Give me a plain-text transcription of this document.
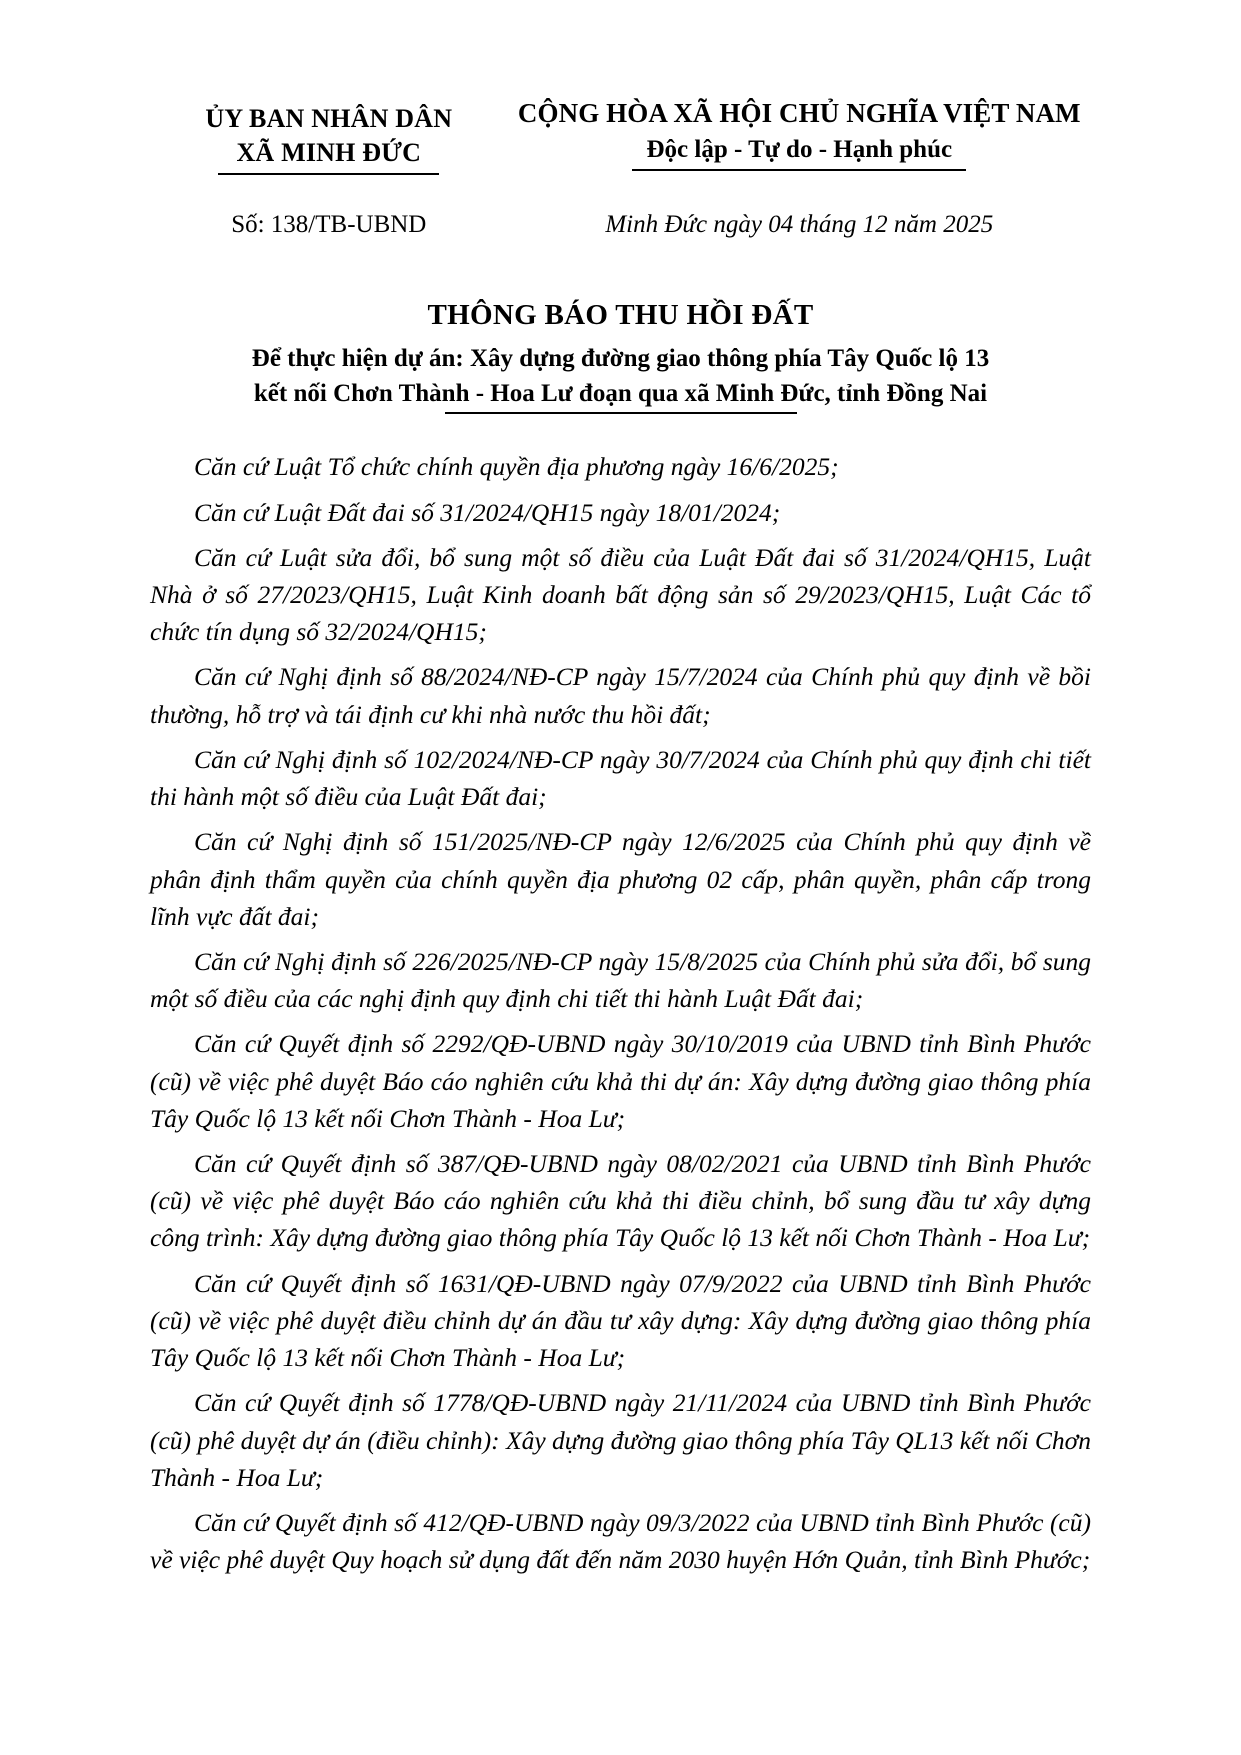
ỦY BAN NHÂN DÂN
XÃ MINH ĐỨC
CỘNG HÒA XÃ HỘI CHỦ NGHĨA VIỆT NAM
Độc lập - Tự do - Hạnh phúc
Số: 138/TB-UBND	Minh Đức ngày 04 tháng 12 năm 2025
THÔNG BÁO THU HỒI ĐẤT
Để thực hiện dự án: Xây dựng đường giao thông phía Tây Quốc lộ 13
kết nối Chơn Thành - Hoa Lư đoạn qua xã Minh Đức, tỉnh Đồng Nai

Căn cứ Luật Tổ chức chính quyền địa phương ngày 16/6/2025;

Căn cứ Luật Đất đai số 31/2024/QH15 ngày 18/01/2024;

Căn cứ Luật sửa đổi, bổ sung một số điều của Luật Đất đai số 31/2024/QH15, Luật Nhà ở số 27/2023/QH15, Luật Kinh doanh bất động sản số 29/2023/QH15, Luật Các tổ chức tín dụng số 32/2024/QH15;

Căn cứ Nghị định số 88/2024/NĐ-CP ngày 15/7/2024 của Chính phủ quy định về bồi thường, hỗ trợ và tái định cư khi nhà nước thu hồi đất;

Căn cứ Nghị định số 102/2024/NĐ-CP ngày 30/7/2024 của Chính phủ quy định chi tiết thi hành một số điều của Luật Đất đai;

Căn cứ Nghị định số 151/2025/NĐ-CP ngày 12/6/2025 của Chính phủ quy định về phân định thẩm quyền của chính quyền địa phương 02 cấp, phân quyền, phân cấp trong lĩnh vực đất đai;

Căn cứ Nghị định số 226/2025/NĐ-CP ngày 15/8/2025 của Chính phủ sửa đổi, bổ sung một số điều của các nghị định quy định chi tiết thi hành Luật Đất đai;

Căn cứ Quyết định số 2292/QĐ-UBND ngày 30/10/2019 của UBND tỉnh Bình Phước (cũ) về việc phê duyệt Báo cáo nghiên cứu khả thi dự án: Xây dựng đường giao thông phía Tây Quốc lộ 13 kết nối Chơn Thành - Hoa Lư;

Căn cứ Quyết định số 387/QĐ-UBND ngày 08/02/2021 của UBND tỉnh Bình Phước (cũ) về việc phê duyệt Báo cáo nghiên cứu khả thi điều chỉnh, bổ sung đầu tư xây dựng công trình: Xây dựng đường giao thông phía Tây Quốc lộ 13 kết nối Chơn Thành - Hoa Lư;

Căn cứ Quyết định số 1631/QĐ-UBND ngày 07/9/2022 của UBND tỉnh Bình Phước (cũ) về việc phê duyệt điều chỉnh dự án đầu tư xây dựng: Xây dựng đường giao thông phía Tây Quốc lộ 13 kết nối Chơn Thành - Hoa Lư;

Căn cứ Quyết định số 1778/QĐ-UBND ngày 21/11/2024 của UBND tỉnh Bình Phước (cũ) phê duyệt dự án (điều chỉnh): Xây dựng đường giao thông phía Tây QL13 kết nối Chơn Thành - Hoa Lư;

Căn cứ Quyết định số 412/QĐ-UBND ngày 09/3/2022 của UBND tỉnh Bình Phước (cũ) về việc phê duyệt Quy hoạch sử dụng đất đến năm 2030 huyện Hớn Quản, tỉnh Bình Phước;
